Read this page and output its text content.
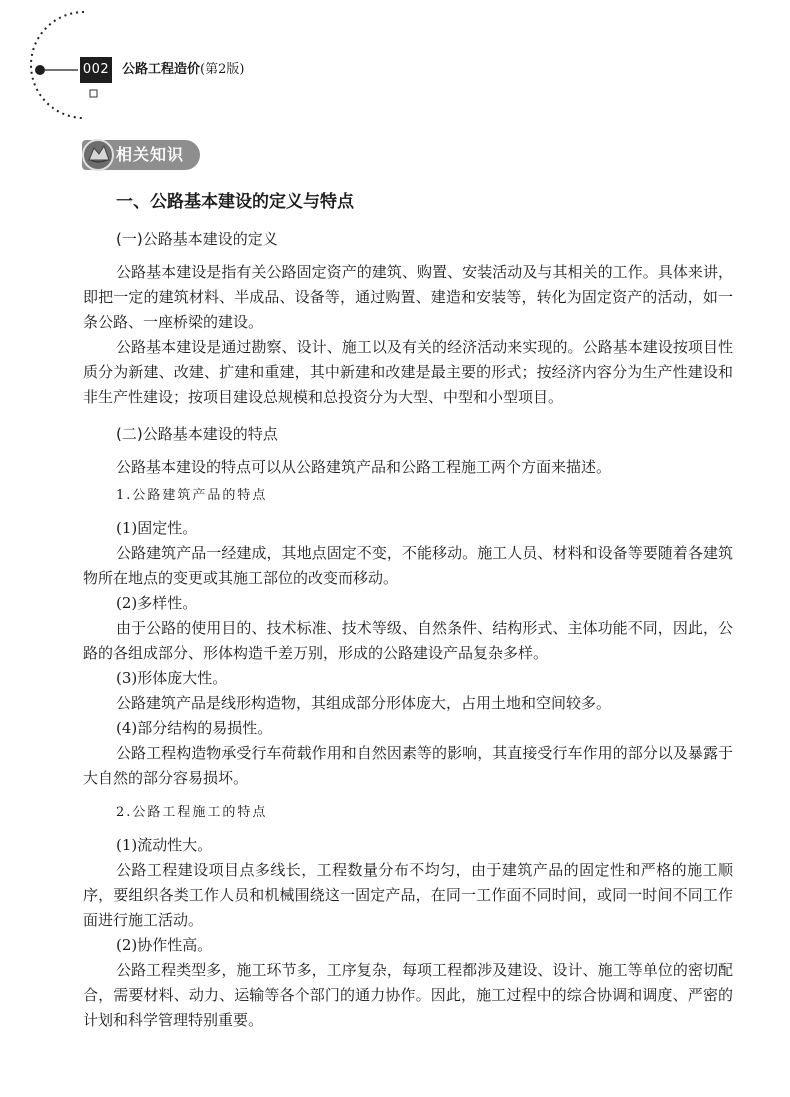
002 公路工程造价(第2版)
相关知识

一、公路基本建设的定义与特点

(一)公路基本建设的定义

公路基本建设是指有关公路固定资产的建筑、购置、安装活动及与其相关的工作。具体来讲，即把一定的建筑材料、半成品、设备等，通过购置、建造和安装等，转化为固定资产的活动，如一条公路、一座桥梁的建设。

公路基本建设是通过勘察、设计、施工以及有关的经济活动来实现的。公路基本建设按项目性质分为新建、改建、扩建和重建，其中新建和改建是最主要的形式；按经济内容分为生产性建设和非生产性建设；按项目建设总规模和总投资分为大型、中型和小型项目。

(二)公路基本建设的特点

公路基本建设的特点可以从公路建筑产品和公路工程施工两个方面来描述。

1.公路建筑产品的特点

(1)固定性。

公路建筑产品一经建成，其地点固定不变，不能移动。施工人员、材料和设备等要随着各建筑物所在地点的变更或其施工部位的改变而移动。

(2)多样性。

由于公路的使用目的、技术标准、技术等级、自然条件、结构形式、主体功能不同，因此，公路的各组成部分、形体构造千差万别，形成的公路建设产品复杂多样。

(3)形体庞大性。

公路建筑产品是线形构造物，其组成部分形体庞大，占用土地和空间较多。

(4)部分结构的易损性。

公路工程构造物承受行车荷载作用和自然因素等的影响，其直接受行车作用的部分以及暴露于大自然的部分容易损坏。

2.公路工程施工的特点

(1)流动性大。

公路工程建设项目点多线长，工程数量分布不均匀，由于建筑产品的固定性和严格的施工顺序，要组织各类工作人员和机械围绕这一固定产品，在同一工作面不同时间，或同一时间不同工作面进行施工活动。

(2)协作性高。

公路工程类型多，施工环节多，工序复杂，每项工程都涉及建设、设计、施工等单位的密切配合，需要材料、动力、运输等各个部门的通力协作。因此，施工过程中的综合协调和调度、严密的计划和科学管理特别重要。
